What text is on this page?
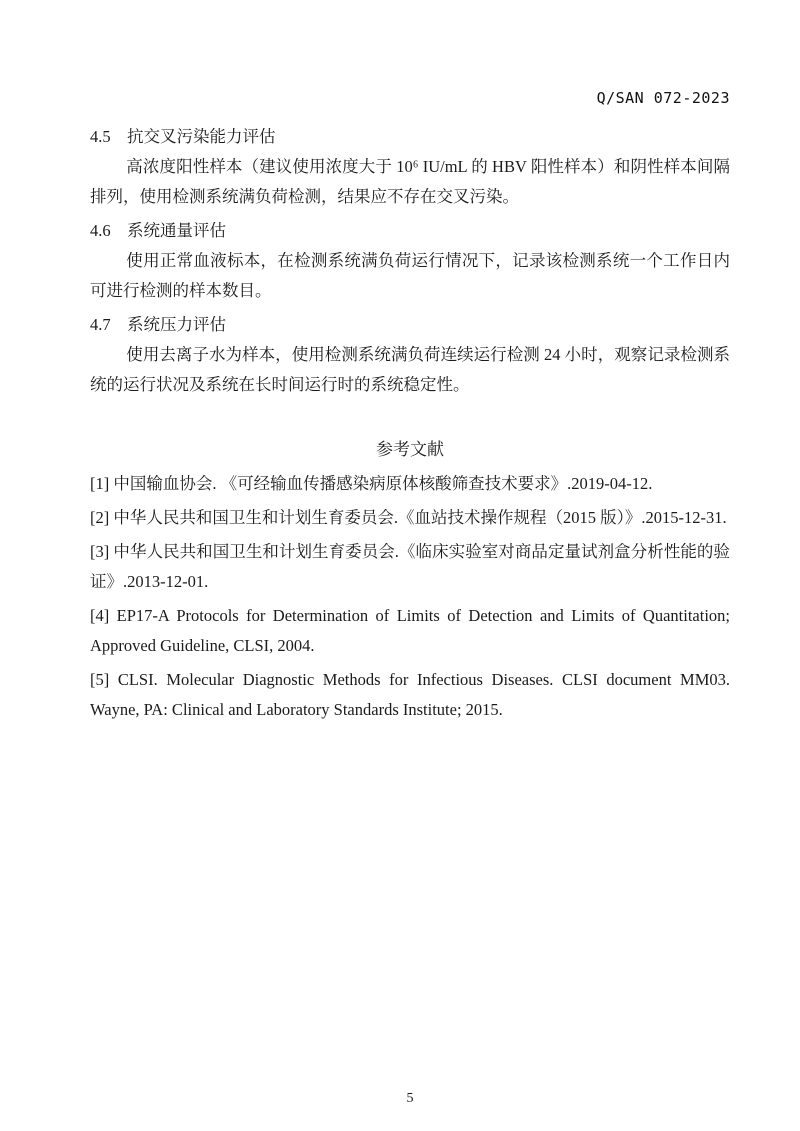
Q/SAN 072-2023

4.5 抗交叉污染能力评估

高浓度阳性样本（建议使用浓度大于 10⁶ IU/mL 的 HBV 阳性样本）和阴性样本间隔排列，使用检测系统满负荷检测，结果应不存在交叉污染。

4.6 系统通量评估

使用正常血液标本，在检测系统满负荷运行情况下，记录该检测系统一个工作日内可进行检测的样本数目。

4.7 系统压力评估

使用去离子水为样本，使用检测系统满负荷连续运行检测 24 小时，观察记录检测系统的运行状况及系统在长时间运行时的系统稳定性。

参考文献

[1] 中国输血协会. 《可经输血传播感染病原体核酸筛查技术要求》.2019-04-12.

[2] 中华人民共和国卫生和计划生育委员会.《血站技术操作规程（2015 版）》.2015-12-31.

[3] 中华人民共和国卫生和计划生育委员会.《临床实验室对商品定量试剂盒分析性能的验证》.2013-12-01.

[4] EP17-A Protocols for Determination of Limits of Detection and Limits of Quantitation; Approved Guideline, CLSI, 2004.

[5] CLSI. Molecular Diagnostic Methods for Infectious Diseases. CLSI document MM03. Wayne, PA: Clinical and Laboratory Standards Institute; 2015.

5
